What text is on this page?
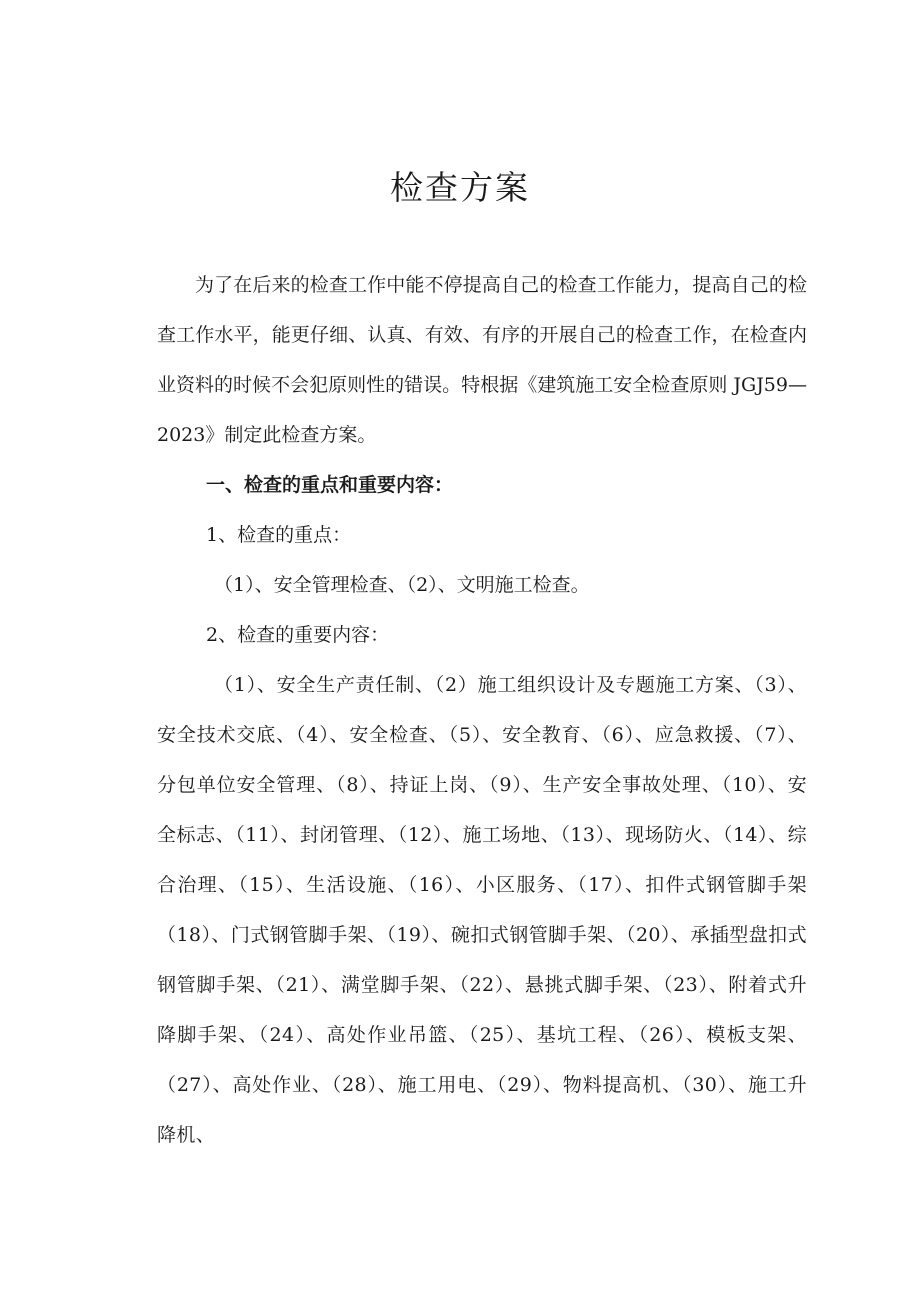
检查方案

为了在后来的检查工作中能不停提高自己的检查工作能力，提高自己的检查工作水平，能更仔细、认真、有效、有序的开展自己的检查工作，在检查内业资料的时候不会犯原则性的错误。特根据《建筑施工安全检查原则 JGJ59—2023》制定此检查方案。

一、检查的重点和重要内容：
1、检查的重点：
（1）、安全管理检查、（2）、文明施工检查。
2、检查的重要内容：

（1）、安全生产责任制、（2）施工组织设计及专题施工方案、（3）、安全技术交底、（4）、安全检查、（5）、安全教育、（6）、应急救援、（7）、分包单位安全管理、（8）、持证上岗、（9）、生产安全事故处理、（10）、安全标志、（11）、封闭管理、（12）、施工场地、（13）、现场防火、（14）、综合治理、（15）、生活设施、（16）、小区服务、（17）、扣件式钢管脚手架（18）、门式钢管脚手架、（19）、碗扣式钢管脚手架、（20）、承插型盘扣式钢管脚手架、（21）、满堂脚手架、（22）、悬挑式脚手架、（23）、附着式升降脚手架、（24）、高处作业吊篮、（25）、基坑工程、（26）、模板支架、（27）、高处作业、（28）、施工用电、（29）、物料提高机、（30）、施工升降机、
